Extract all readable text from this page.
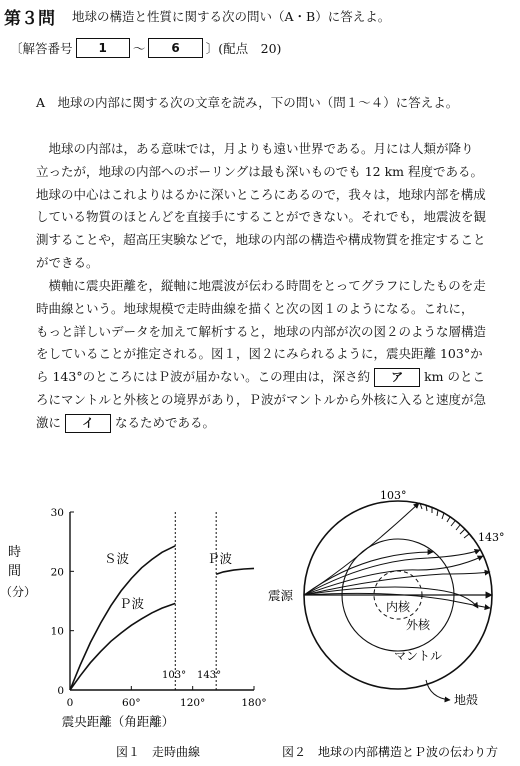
第３問 地球の構造と性質に関する次の問い（A・B）に答えよ。
〔解答番号	1	〜	6	〕(配点　20)
A　地球の内部に関する次の文章を読み，下の問い（問１〜４）に答えよ。
　地球の内部は，ある意味では，月よりも遠い世界である。月には人類が降り
立ったが，地球の内部へのボーリングは最も深いものでも 12 km 程度である。
地球の中心はこれよりはるかに深いところにあるので，我々は，地球内部を構成
している物質のほとんどを直接手にすることができない。それでも，地震波を観
測することや，超高圧実験などで，地球の内部の構造や構成物質を推定すること
ができる。
　横軸に震央距離を，縦軸に地震波が伝わる時間をとってグラフにしたものを走
時曲線という。地球規模で走時曲線を描くと次の図１のようになる。これに，
もっと詳しいデータを加えて解析すると，地球の内部が次の図２のような層構造
をしていることが推定される。図１，図２にみられるように，震央距離 103°か
ら 143°のところにはＰ波が届かない。この理由は，深さ約 ア km のとこ
ろにマントルと外核との境界があり，Ｐ波がマントルから外核に入ると速度が急
激に イ なるためである。
0	60°	120°	180°
0
10
20
30
時
間
（分）
Ｓ波
Ｐ波
Ｐ波
103° 143°
震央距離（角距離）
図１　走時曲線
103°
143°
震源
内核
外核
マントル
地殻
図２　地球の内部構造とＰ波の伝わり方
